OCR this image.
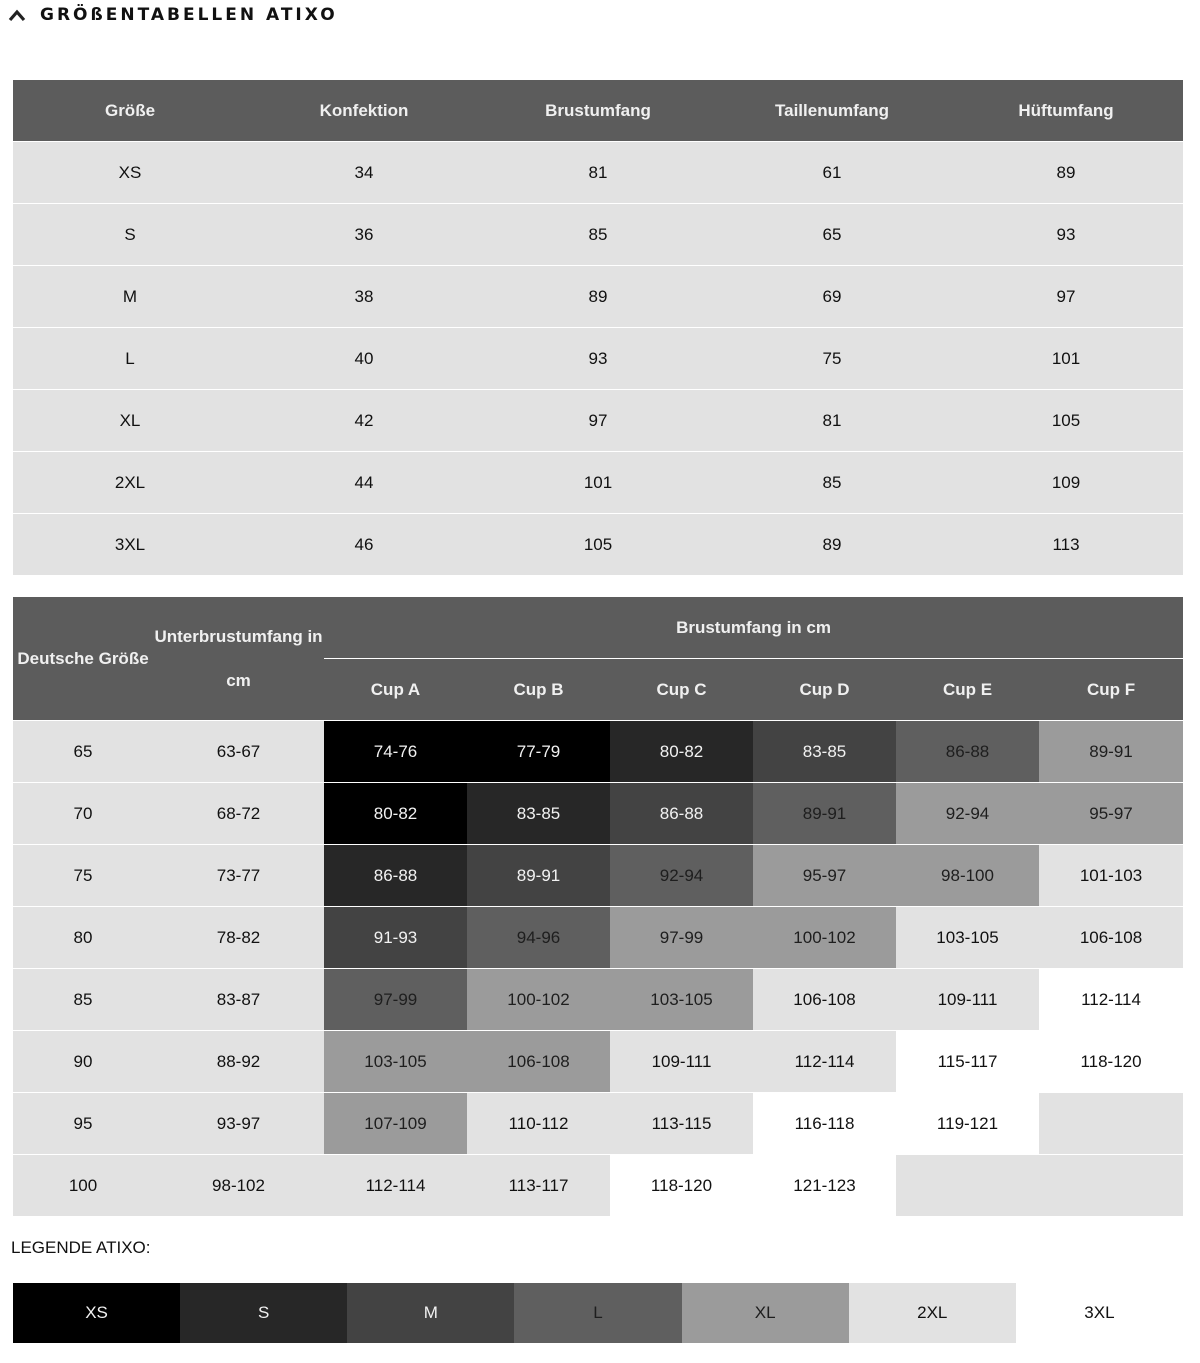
GRÖßENTABELLEN ATIXO
Größe	Konfektion	Brustumfang	Taillenumfang	Hüftumfang
XS	34	81	61	89
S	36	85	65	93
M	38	89	69	97
L	40	93	75	101
XL	42	97	81	105
2XL	44	101	85	109
3XL	46	105	89	113
Deutsche Größe	Unterbrustumfang in cm	Brustumfang in cm					
		Cup A	Cup B	Cup C	Cup D	Cup E	Cup F
65	63-67	74-76	77-79	80-82	83-85	86-88	89-91
70	68-72	80-82	83-85	86-88	89-91	92-94	95-97
75	73-77	86-88	89-91	92-94	95-97	98-100	101-103
80	78-82	91-93	94-96	97-99	100-102	103-105	106-108
85	83-87	97-99	100-102	103-105	106-108	109-111	112-114
90	88-92	103-105	106-108	109-111	112-114	115-117	118-120
95	93-97	107-109	110-112	113-115	116-118	119-121	
100	98-102	112-114	113-117	118-120	121-123		
LEGENDE ATIXO:
XS	S	M	L	XL	2XL	3XL
